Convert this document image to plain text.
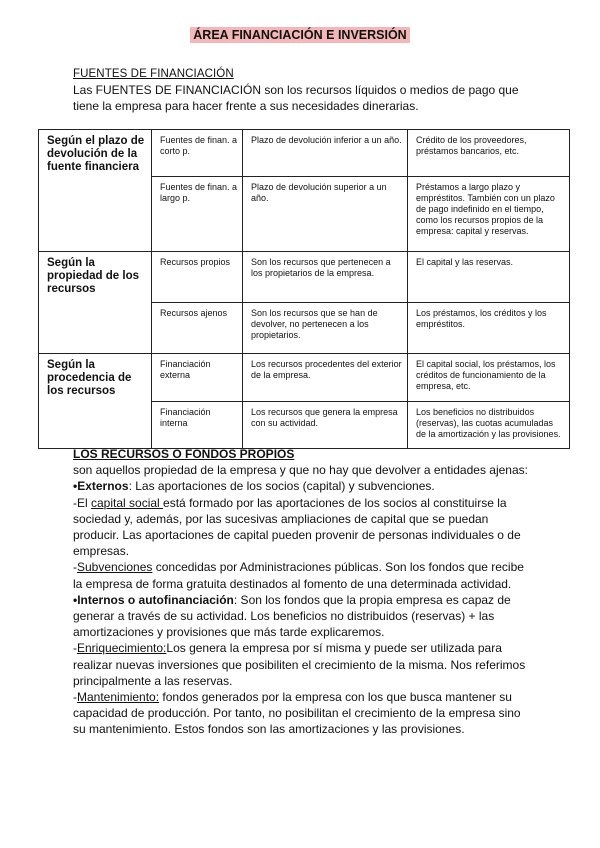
ÁREA FINANCIACIÓN E INVERSIÓN
FUENTES DE FINANCIACIÓN
Las FUENTES DE FINANCIACIÓN son los recursos líquidos o medios de pago que tiene la empresa para hacer frente a sus necesidades dinerarias.
Según el plazo de devolución de la fuente financiera	Fuentes de finan. a corto p.	Plazo de devolución inferior a un año.	Crédito de los proveedores, préstamos bancarios, etc.
	Fuentes de finan. a largo p.	Plazo de devolución superior a un año.	Préstamos a largo plazo y empréstitos. También con un plazo de pago indefinido en el tiempo, como los recursos propios de la empresa: capital y reservas.
Según la propiedad de los recursos	Recursos propios	Son los recursos que pertenecen a los propietarios de la empresa.	El capital y las reservas.
	Recursos ajenos	Son los recursos que se han de devolver, no pertenecen a los propietarios.	Los préstamos, los créditos y los empréstitos.
Según la procedencia de los recursos	Financiación externa	Los recursos procedentes del exterior de la empresa.	El capital social, los préstamos, los créditos de funcionamiento de la empresa, etc.
	Financiación interna	Los recursos que genera la empresa con su actividad.	Los beneficios no distribuidos (reservas), las cuotas acumuladas de la amortización y las provisiones.
LOS RECURSOS O FONDOS PROPIOS
son aquellos propiedad de la empresa y que no hay que devolver a entidades ajenas:
•Externos: Las aportaciones de los socios (capital) y subvenciones.
-El capital social está formado por las aportaciones de los socios al constituirse la sociedad y, además, por las sucesivas ampliaciones de capital que se puedan producir. Las aportaciones de capital pueden provenir de personas individuales o de empresas.
-Subvenciones concedidas por Administraciones públicas. Son los fondos que recibe la empresa de forma gratuita destinados al fomento de una determinada actividad.
•Internos o autofinanciación: Son los fondos que la propia empresa es capaz de generar a través de su actividad. Los beneficios no distribuidos (reservas) + las amortizaciones y provisiones que más tarde explicaremos.
-Enriquecimiento:Los genera la empresa por sí misma y puede ser utilizada para realizar nuevas inversiones que posibiliten el crecimiento de la misma. Nos referimos principalmente a las reservas.
-Mantenimiento: fondos generados por la empresa con los que busca mantener su capacidad de producción. Por tanto, no posibilitan el crecimiento de la empresa sino su mantenimiento. Estos fondos son las amortizaciones y las provisiones.
